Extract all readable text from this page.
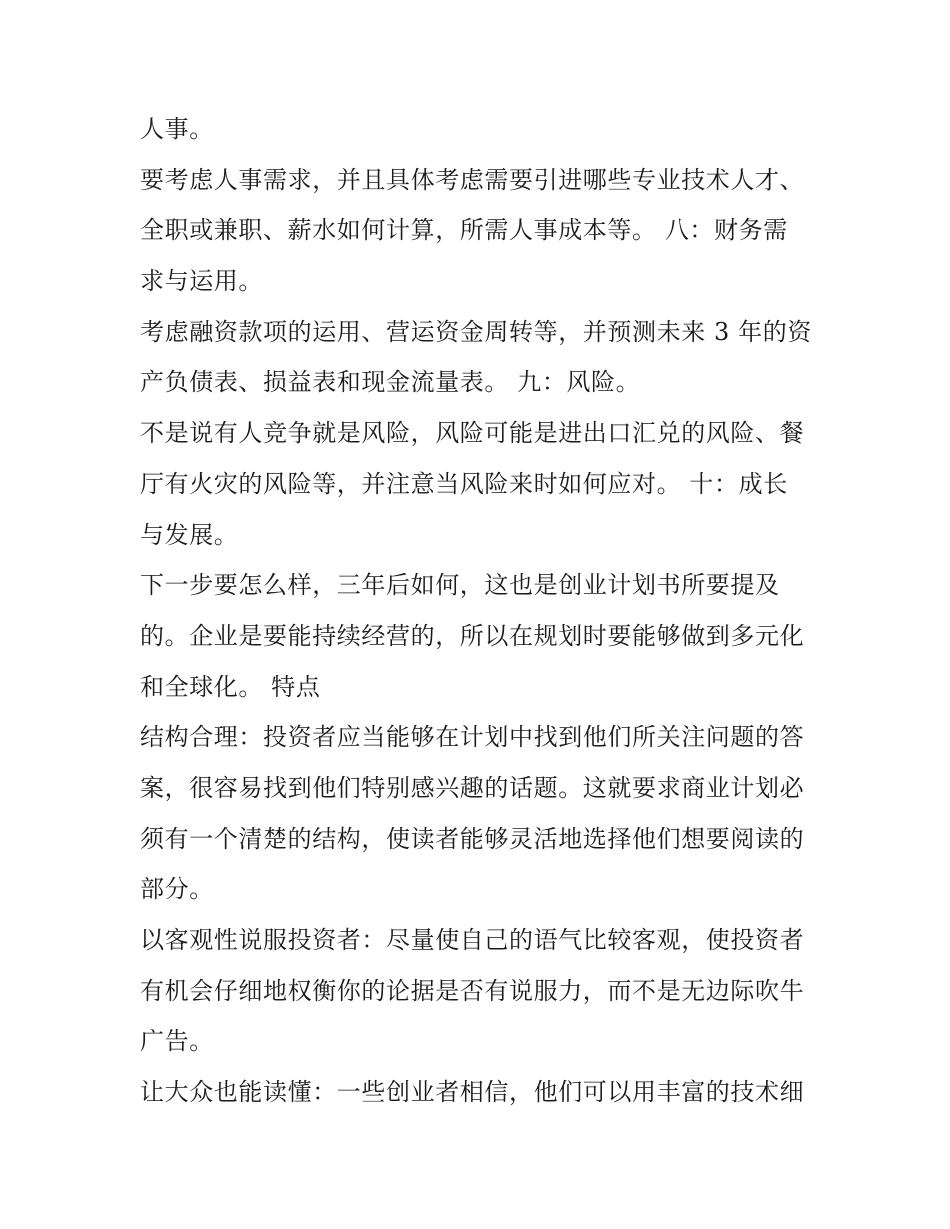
人事。
要考虑人事需求，并且具体考虑需要引进哪些专业技术人才、
全职或兼职、薪水如何计算，所需人事成本等。 八：财务需
求与运用。
考虑融资款项的运用、营运资金周转等，并预测未来 3 年的资
产负债表、损益表和现金流量表。 九：风险。
不是说有人竞争就是风险，风险可能是进出口汇兑的风险、餐
厅有火灾的风险等，并注意当风险来时如何应对。 十：成长
与发展。
下一步要怎么样，三年后如何，这也是创业计划书所要提及
的。企业是要能持续经营的，所以在规划时要能够做到多元化
和全球化。 特点
结构合理：投资者应当能够在计划中找到他们所关注问题的答
案，很容易找到他们特别感兴趣的话题。这就要求商业计划必
须有一个清楚的结构，使读者能够灵活地选择他们想要阅读的
部分。
以客观性说服投资者：尽量使自己的语气比较客观，使投资者
有机会仔细地权衡你的论据是否有说服力，而不是无边际吹牛
广告。
让大众也能读懂：一些创业者相信，他们可以用丰富的技术细
